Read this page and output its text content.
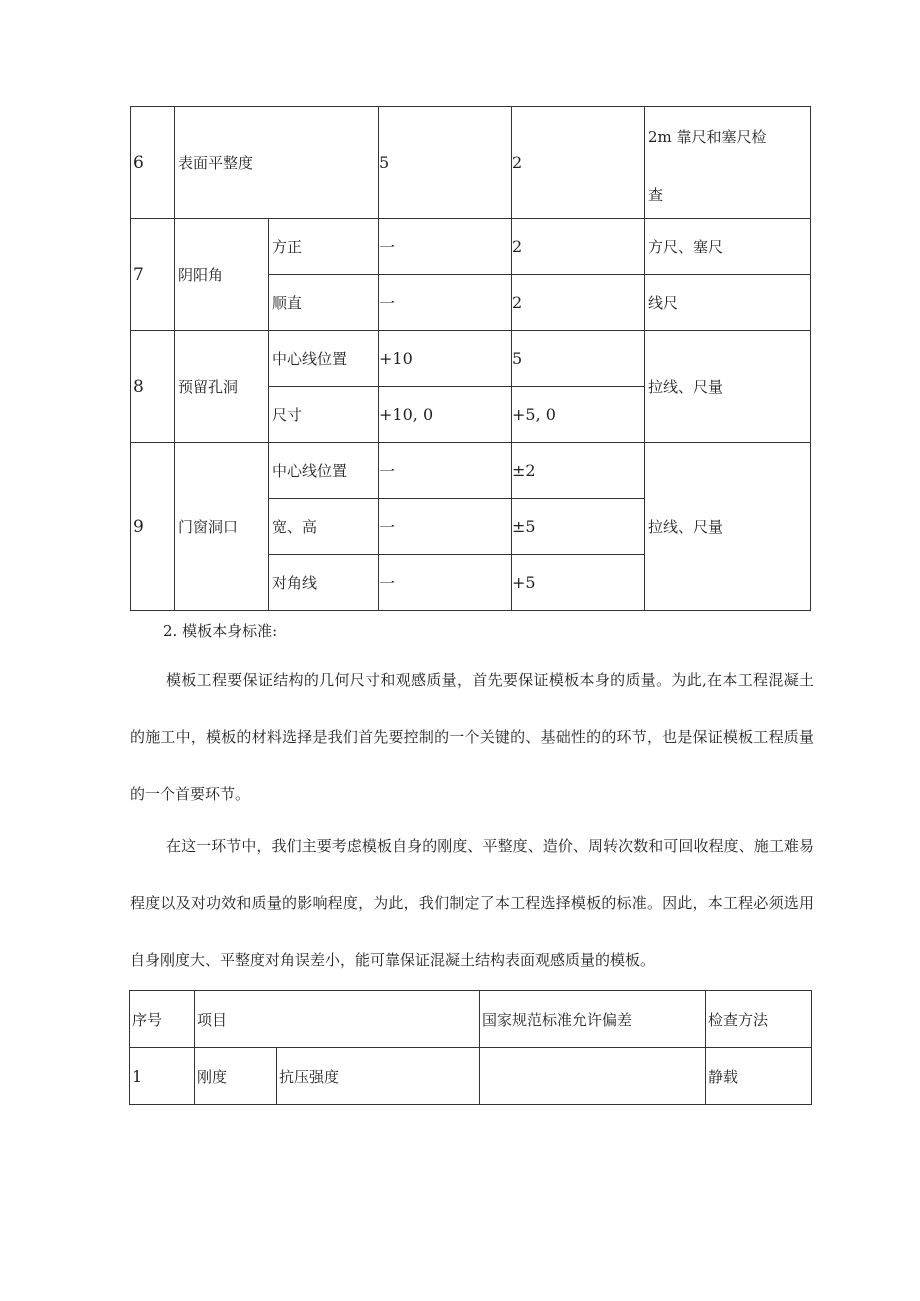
6	表面平整度		5	2	2m 靠尺和塞尺检
查

7	阴阳角	方正	一	2	方尺、塞尺
		顺直	一	2	线尺
8	预留孔洞	中心线位置	+10	5	拉线、尺量
		尺寸	+10, 0	+5, 0	
9	门窗洞口	中心线位置	一	±2	拉线、尺量
		宽、高	一	±5	
		对角线	一	+5	
2. 模板本身标准:

模板工程要保证结构的几何尺寸和观感质量，首先要保证模板本身的质量。为此,在本工程混凝土的施工中，模板的材料选择是我们首先要控制的一个关键的、基础性的的环节，也是保证模板工程质量的一个首要环节。

在这一环节中，我们主要考虑模板自身的刚度、平整度、造价、周转次数和可回收程度、施工难易程度以及对功效和质量的影响程度，为此，我们制定了本工程选择模板的标准。因此，本工程必须选用自身刚度大、平整度对角误差小，能可靠保证混凝土结构表面观感质量的模板。

序号	项目		国家规范标准允许偏差	检查方法
1	刚度	抗压强度		静载
